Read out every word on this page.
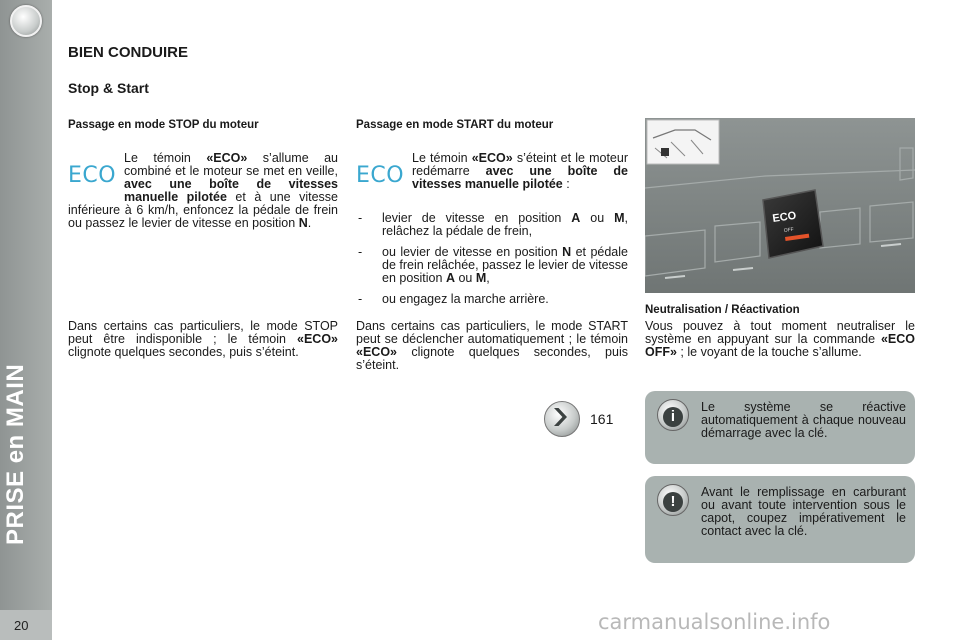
PRISE en MAIN
20
BIEN CONDUIRE
Stop & Start
Passage en mode STOP du moteur
ECO
Le témoin «ECO» s’allume au combiné et le moteur se met en veille, avec une boîte de vitesses manuelle pilotée et à une vitesse inférieure à 6 km/h, enfoncez la pédale de frein ou passez le levier de vitesse en position N.
Dans certains cas particuliers, le mode STOP peut être indisponible ; le témoin «ECO» clignote quelques secondes, puis s’éteint.
Passage en mode START du moteur
ECO
Le témoin «ECO» s’éteint et le moteur redémarre avec une boîte de vitesses manuelle pilotée :
- levier de vitesse en position A ou M, relâchez la pédale de frein,
- ou levier de vitesse en position N et pédale de frein relâchée, passez le levier de vitesse en position A ou M,
- ou engagez la marche arrière.
Dans certains cas particuliers, le mode START peut se déclencher automatiquement ; le témoin «ECO» clignote quelques secondes, puis s’éteint.
161
ECO
OFF
Neutralisation / Réactivation
Vous pouvez à tout moment neutraliser le système en appuyant sur la commande «ECO OFF» ; le voyant de la touche s’allume.
i
Le système se réactive automatiquement à chaque nouveau démarrage avec la clé.
!
Avant le remplissage en carburant ou avant toute intervention sous le capot, coupez impérativement le contact avec la clé.
carmanualsonline.info
